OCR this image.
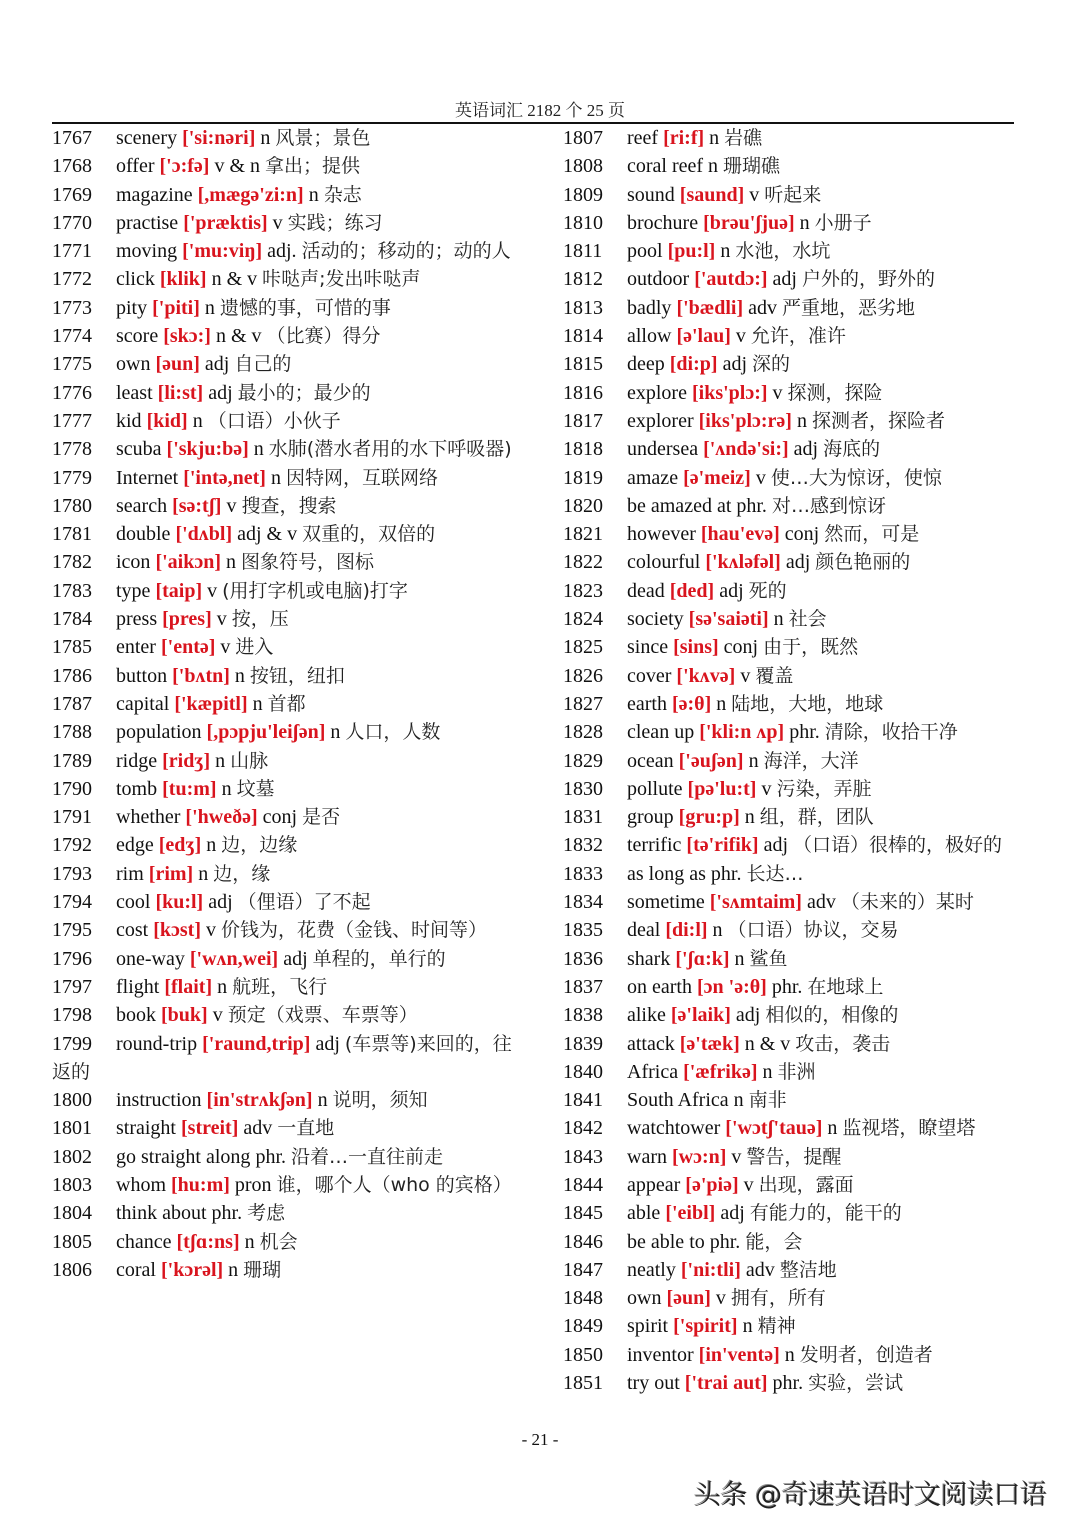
英语词汇 2182 个 25 页
1767 scenery ['si:nəri] n 风景；景色
1768 offer ['ɔ:fə] v & n 拿出；提供
1769 magazine [,mægə'zi:n] n 杂志
1770 practise ['præktis] v 实践；练习
1771 moving ['mu:viŋ] adj. 活动的；移动的；动的人
1772 click [klik] n & v 咔哒声;发出咔哒声
1773 pity ['piti] n 遗憾的事，可惜的事
1774 score [skɔ:] n & v （比赛）得分
1775 own [əun] adj 自己的
1776 least [li:st] adj 最小的；最少的
1777 kid [kid] n （口语）小伙子
1778 scuba ['skju:bə] n 水肺(潜水者用的水下呼吸器)
1779 Internet ['intə,net] n 因特网，互联网络
1780 search [sə:tʃ] v 搜查，搜索
1781 double ['dʌbl] adj & v 双重的，双倍的
1782 icon ['aikɔn] n 图象符号，图标
1783 type [taip] v (用打字机或电脑)打字
1784 press [pres] v 按，压
1785 enter ['entə] v 进入
1786 button ['bʌtn] n 按钮，纽扣
1787 capital ['kæpitl] n 首都
1788 population [,pɔpju'leiʃən] n 人口，人数
1789 ridge [ridʒ] n 山脉
1790 tomb [tu:m] n 坟墓
1791 whether ['hweðə] conj 是否
1792 edge [edʒ] n 边，边缘
1793 rim [rim] n 边，缘
1794 cool [ku:l] adj （俚语）了不起
1795 cost [kɔst] v 价钱为，花费（金钱、时间等）
1796 one-way ['wʌn,wei] adj 单程的，单行的
1797 flight [flait] n 航班，飞行
1798 book [buk] v 预定（戏票、车票等）
1799 round-trip ['raund,trip] adj (车票等)来回的，往返的
1800 instruction [in'strʌkʃən] n 说明，须知
1801 straight [streit] adv 一直地
1802 go straight along phr. 沿着…一直往前走
1803 whom [hu:m] pron 谁，哪个人（who 的宾格）
1804 think about phr. 考虑
1805 chance [tʃɑ:ns] n 机会
1806 coral ['kɔrəl] n 珊瑚
1807 reef [ri:f] n 岩礁
1808 coral reef n 珊瑚礁
1809 sound [saund] v 听起来
1810 brochure [brəu'ʃjuə] n 小册子
1811 pool [pu:l] n 水池，水坑
1812 outdoor ['autdɔ:] adj 户外的，野外的
1813 badly ['bædli] adv 严重地，恶劣地
1814 allow [ə'lau] v 允许，准许
1815 deep [di:p] adj 深的
1816 explore [iks'plɔ:] v 探测，探险
1817 explorer [iks'plɔ:rə] n 探测者，探险者
1818 undersea ['ʌndə'si:] adj 海底的
1819 amaze [ə'meiz] v 使…大为惊讶，使惊
1820 be amazed at phr. 对…感到惊讶
1821 however [hau'evə] conj 然而，可是
1822 colourful ['kʌləfəl] adj 颜色艳丽的
1823 dead [ded] adj 死的
1824 society [sə'saiəti] n 社会
1825 since [sins] conj 由于，既然
1826 cover ['kʌvə] v 覆盖
1827 earth [ə:θ] n 陆地，大地，地球
1828 clean up ['kli:n ʌp] phr. 清除，收拾干净
1829 ocean ['əuʃən] n 海洋，大洋
1830 pollute [pə'lu:t] v 污染，弄脏
1831 group [gru:p] n 组，群，团队
1832 terrific [tə'rifik] adj （口语）很棒的，极好的
1833 as long as phr. 长达…
1834 sometime ['sʌmtaim] adv （未来的）某时
1835 deal [di:l] n （口语）协议，交易
1836 shark ['ʃɑ:k] n 鲨鱼
1837 on earth [ɔn 'ə:θ] phr. 在地球上
1838 alike [ə'laik] adj 相似的，相像的
1839 attack [ə'tæk] n & v 攻击，袭击
1840 Africa ['æfrikə] n 非洲
1841 South Africa n 南非
1842 watchtower ['wɔtʃ'tauə] n 监视塔，瞭望塔
1843 warn [wɔ:n] v 警告，提醒
1844 appear [ə'piə] v 出现，露面
1845 able ['eibl] adj 有能力的，能干的
1846 be able to phr. 能，会
1847 neatly ['ni:tli] adv 整洁地
1848 own [əun] v 拥有，所有
1849 spirit ['spirit] n 精神
1850 inventor [in'ventə] n 发明者，创造者
1851 try out ['trai aut] phr. 实验，尝试
- 21 -
头条 @奇速英语时文阅读口语
